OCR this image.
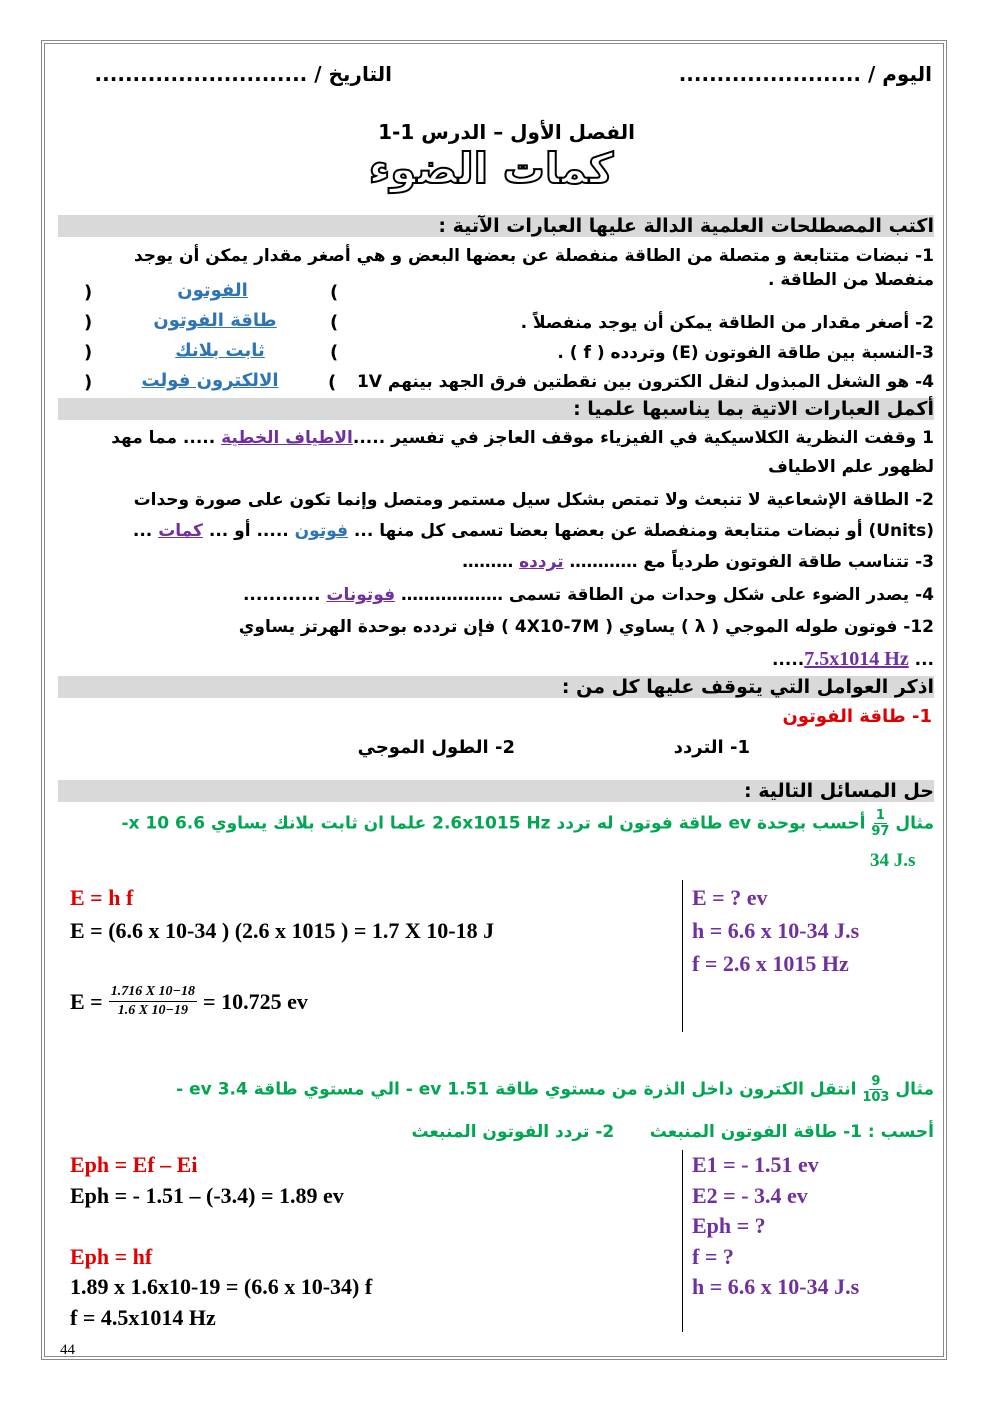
اليوم / ........................
التاريخ / ............................
الفصل الأول – الدرس 1-1
كمات الضوء
اكتب المصطلحات العلمية الدالة عليها العبارات الآتية :
1- نبضات متتابعة و متصلة من الطاقة منفصلة عن بعضها البعض و هي أصغر مقدار يمكن أن يوجد
منفصلا من الطاقة .
)	الفوتون	(
2- أصغر مقدار من الطاقة يمكن أن يوجد منفصلاً .
)	طاقة الفوتون	(
3-النسبة بين طاقة الفوتون (E) وتردده ( f ) .
)	ثابت بلانك	(
4- هو الشغل المبذول لنقل الكترون بين نقطتين فرق الجهد بينهم 1V
)	الالكترون فولت	(
أكمل العبارات الاتية بما يناسبها علميا :
1 وقفت النظرية الكلاسيكية في الفيزياء موقف العاجز في تفسير .....الاطياف الخطية ..... مما مهد
لظهور علم الاطياف
2- الطاقة الإشعاعية لا تنبعث ولا تمتص بشكل سيل مستمر ومتصل وإنما تكون على صورة وحدات
(Units) أو نبضات متتابعة ومنفصلة عن بعضها بعضا تسمى كل منها ... فوتون ..... أو ... كمات ...
3- تتناسب طاقة الفوتون طردياً مع ………… تردده ………
4- يصدر الضوء على شكل وحدات من الطاقة تسمى ……………… فوتونات ............
12- فوتون طوله الموجي ( λ ) يساوي ( 4X10-7M ) فإن تردده بوحدة الهرتز يساوي
... 7.5x1014 Hz.....
اذكر العوامل التي يتوقف عليها كل من :
1- طاقة الفوتون
1- التردد
2- الطول الموجي
حل المسائل التالية :
مثال
$\frac{1}{97}$
أحسب بوحدة ev طاقة فوتون له تردد 2.6x1015 Hz علما ان ثابت بلانك يساوي 6.6 x 10-
34 J.s
E = h f
E = (6.6 x 10-34 ) (2.6 x 1015 ) = 1.7 X 10-18 J
$E = \frac{1.716 X 10-18}{1.6 X 10-19} = 10.725$ ev
E = ? ev
h = 6.6 x 10-34 J.s
f = 2.6 x 1015 Hz
مثال
$\frac{9}{103}$
انتقل الكترون داخل الذرة من مستوي طاقة 1.51 ev - الي مستوي طاقة 3.4 ev -
أحسب : 1- طاقة الفوتون المنبعث      2- تردد الفوتون المنبعث
Eph = Ef – Ei
Eph = - 1.51 – (-3.4) = 1.89 ev
Eph = hf
1.89 x 1.6x10-19 = (6.6 x 10-34) f
f = 4.5x1014 Hz
E1 = - 1.51 ev
E2 = - 3.4 ev
Eph = ?
f = ?
h = 6.6 x 10-34 J.s
44
